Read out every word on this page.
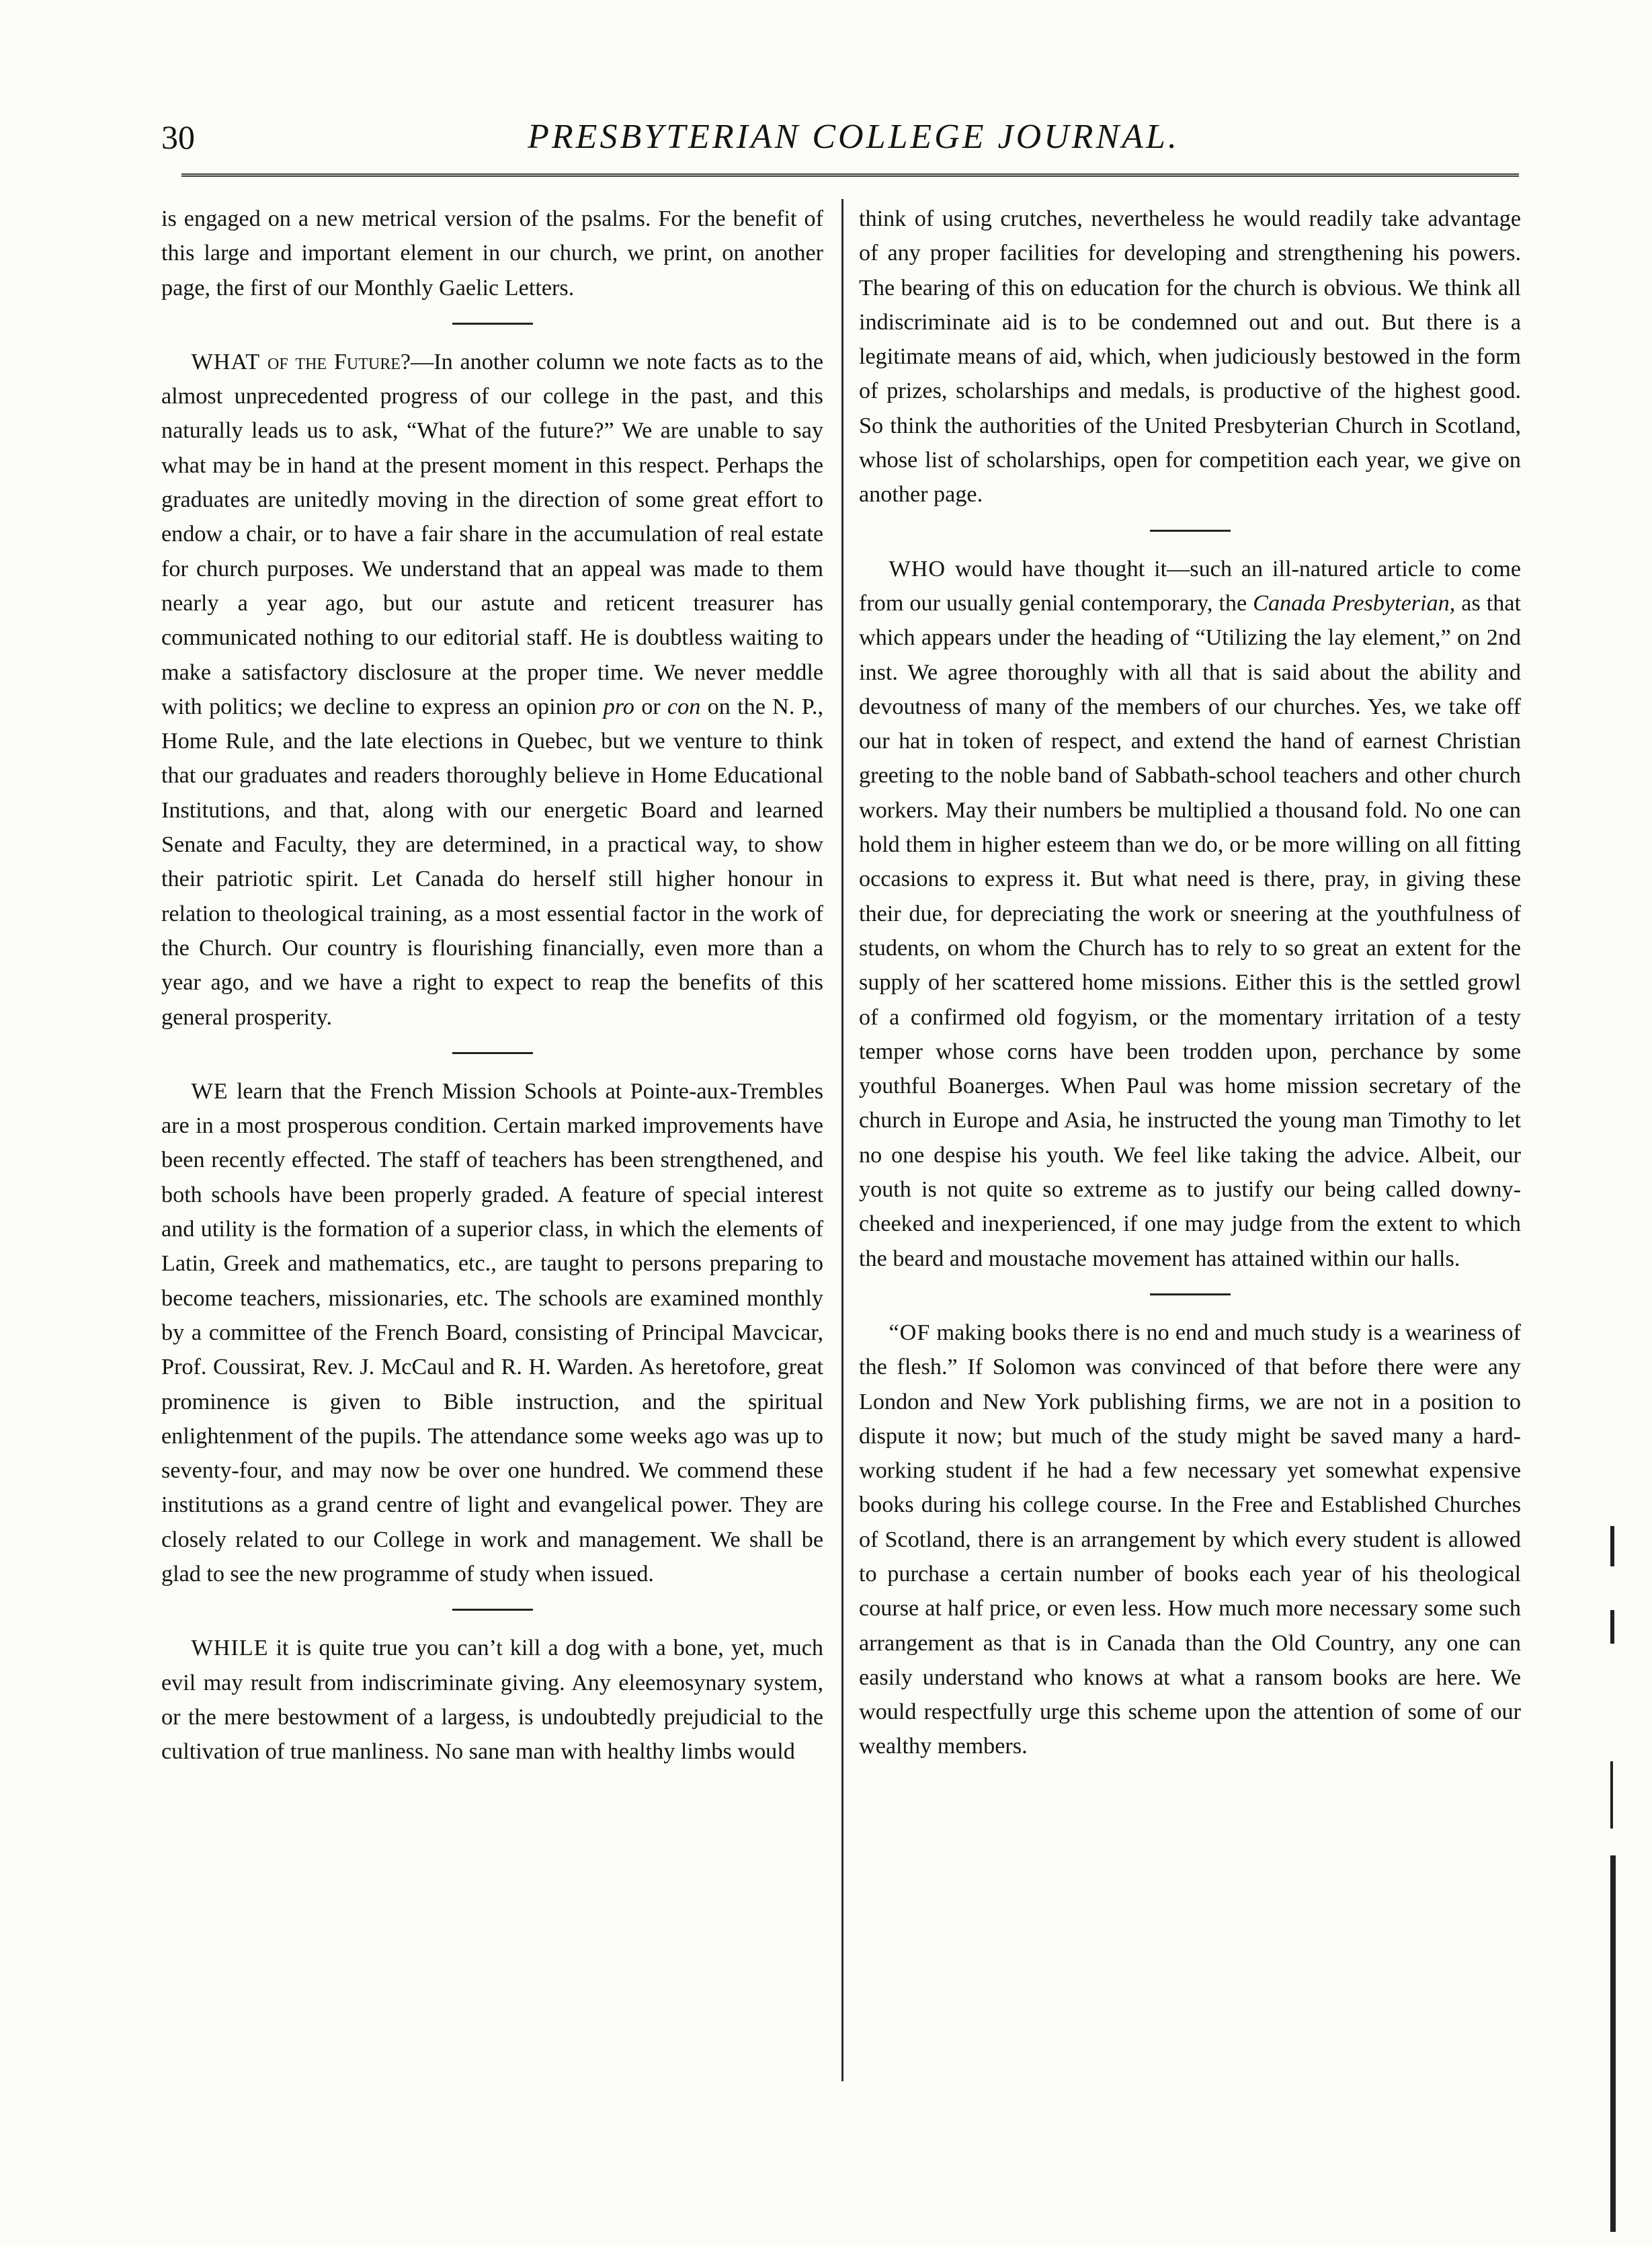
30	PRESBYTERIAN COLLEGE JOURNAL.

is engaged on a new metrical version of the psalms. For the benefit of this large and important element in our church, we print, on another page, the first of our Monthly Gaelic Letters.

WHAT of the Future?—In another column we note facts as to the almost unprecedented progress of our college in the past, and this naturally leads us to ask, “What of the future?” We are unable to say what may be in hand at the present moment in this respect. Perhaps the graduates are unitedly moving in the direction of some great effort to endow a chair, or to have a fair share in the accumulation of real estate for church purposes. We understand that an appeal was made to them nearly a year ago, but our astute and reticent treasurer has communicated nothing to our editorial staff. He is doubtless waiting to make a satisfactory disclosure at the proper time. We never meddle with politics; we decline to express an opinion pro or con on the N. P., Home Rule, and the late elections in Quebec, but we venture to think that our graduates and readers thoroughly believe in Home Educational Institutions, and that, along with our energetic Board and learned Senate and Faculty, they are determined, in a practical way, to show their patriotic spirit. Let Canada do herself still higher honour in relation to theological training, as a most essential factor in the work of the Church. Our country is flourishing financially, even more than a year ago, and we have a right to expect to reap the benefits of this general prosperity.

WE learn that the French Mission Schools at Pointe-aux-Trembles are in a most prosperous condition. Certain marked improvements have been recently effected. The staff of teachers has been strengthened, and both schools have been properly graded. A feature of special interest and utility is the formation of a superior class, in which the elements of Latin, Greek and mathematics, etc., are taught to persons preparing to become teachers, missionaries, etc. The schools are examined monthly by a committee of the French Board, consisting of Principal Mavcicar, Prof. Coussirat, Rev. J. McCaul and R. H. Warden. As heretofore, great prominence is given to Bible instruction, and the spiritual enlightenment of the pupils. The attendance some weeks ago was up to seventy-four, and may now be over one hundred. We commend these institutions as a grand centre of light and evangelical power. They are closely related to our College in work and management. We shall be glad to see the new programme of study when issued.

WHILE it is quite true you can’t kill a dog with a bone, yet, much evil may result from indiscriminate giving. Any eleemosynary system, or the mere bestowment of a largess, is undoubtedly prejudicial to the cultivation of true manliness. No sane man with healthy limbs would

think of using crutches, nevertheless he would readily take advantage of any proper facilities for developing and strengthening his powers. The bearing of this on education for the church is obvious. We think all indiscriminate aid is to be condemned out and out. But there is a legitimate means of aid, which, when judiciously bestowed in the form of prizes, scholarships and medals, is productive of the highest good. So think the authorities of the United Presbyterian Church in Scotland, whose list of scholarships, open for competition each year, we give on another page.

WHO would have thought it—such an ill-natured article to come from our usually genial contemporary, the Canada Presbyterian, as that which appears under the heading of “Utilizing the lay element,” on 2nd inst. We agree thoroughly with all that is said about the ability and devoutness of many of the members of our churches. Yes, we take off our hat in token of respect, and extend the hand of earnest Christian greeting to the noble band of Sabbath-school teachers and other church workers. May their numbers be multiplied a thousand fold. No one can hold them in higher esteem than we do, or be more willing on all fitting occasions to express it. But what need is there, pray, in giving these their due, for depreciating the work or sneering at the youthfulness of students, on whom the Church has to rely to so great an extent for the supply of her scattered home missions. Either this is the settled growl of a confirmed old fogyism, or the momentary irritation of a testy temper whose corns have been trodden upon, perchance by some youthful Boanerges. When Paul was home mission secretary of the church in Europe and Asia, he instructed the young man Timothy to let no one despise his youth. We feel like taking the advice. Albeit, our youth is not quite so extreme as to justify our being called downy-cheeked and inexperienced, if one may judge from the extent to which the beard and moustache movement has attained within our halls.

“OF making books there is no end and much study is a weariness of the flesh.” If Solomon was convinced of that before there were any London and New York publishing firms, we are not in a position to dispute it now; but much of the study might be saved many a hard-working student if he had a few necessary yet somewhat expensive books during his college course. In the Free and Established Churches of Scotland, there is an arrangement by which every student is allowed to purchase a certain number of books each year of his theological course at half price, or even less. How much more necessary some such arrangement as that is in Canada than the Old Country, any one can easily understand who knows at what a ransom books are here. We would respectfully urge this scheme upon the attention of some of our wealthy members.
